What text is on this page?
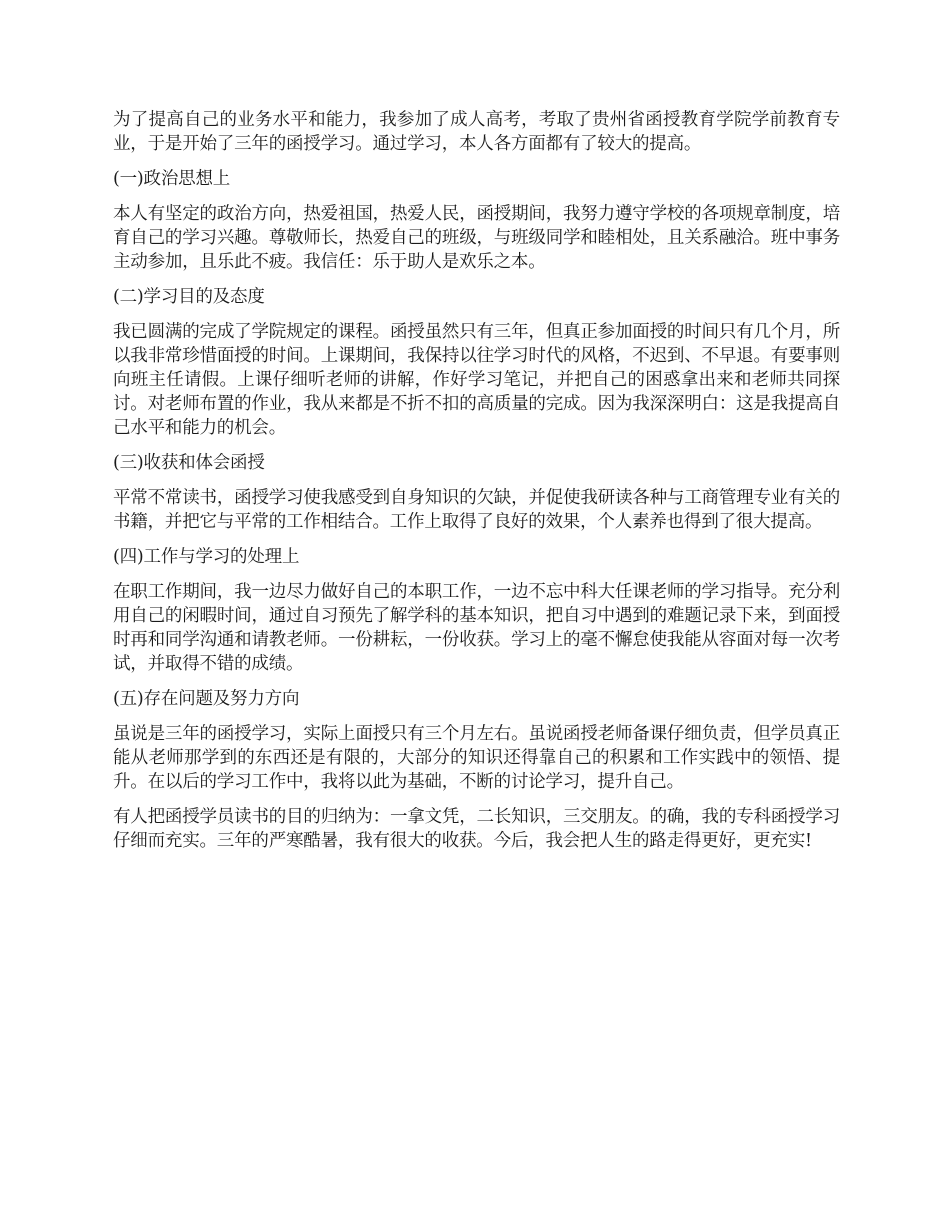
为了提高自己的业务水平和能力，我参加了成人高考，考取了贵州省函授教育学院学前教育专业，于是开始了三年的函授学习。通过学习，本人各方面都有了较大的提高。

(一)政治思想上

本人有坚定的政治方向，热爱祖国，热爱人民，函授期间，我努力遵守学校的各项规章制度，培育自己的学习兴趣。尊敬师长，热爱自己的班级，与班级同学和睦相处，且关系融洽。班中事务主动参加，且乐此不疲。我信任：乐于助人是欢乐之本。

(二)学习目的及态度

我已圆满的完成了学院规定的课程。函授虽然只有三年，但真正参加面授的时间只有几个月，所以我非常珍惜面授的时间。上课期间，我保持以往学习时代的风格，不迟到、不早退。有要事则向班主任请假。上课仔细听老师的讲解，作好学习笔记，并把自己的困惑拿出来和老师共同探讨。对老师布置的作业，我从来都是不折不扣的高质量的完成。因为我深深明白：这是我提高自己水平和能力的机会。

(三)收获和体会函授

平常不常读书，函授学习使我感受到自身知识的欠缺，并促使我研读各种与工商管理专业有关的书籍，并把它与平常的工作相结合。工作上取得了良好的效果，个人素养也得到了很大提高。

(四)工作与学习的处理上

在职工作期间，我一边尽力做好自己的本职工作，一边不忘中科大任课老师的学习指导。充分利用自己的闲暇时间，通过自习预先了解学科的基本知识，把自习中遇到的难题记录下来，到面授时再和同学沟通和请教老师。一份耕耘，一份收获。学习上的毫不懈怠使我能从容面对每一次考试，并取得不错的成绩。

(五)存在问题及努力方向

虽说是三年的函授学习，实际上面授只有三个月左右。虽说函授老师备课仔细负责，但学员真正能从老师那学到的东西还是有限的，大部分的知识还得靠自己的积累和工作实践中的领悟、提升。在以后的学习工作中，我将以此为基础，不断的讨论学习，提升自己。

有人把函授学员读书的目的归纳为：一拿文凭，二长知识，三交朋友。的确，我的专科函授学习仔细而充实。三年的严寒酷暑，我有很大的收获。今后，我会把人生的路走得更好，更充实!
